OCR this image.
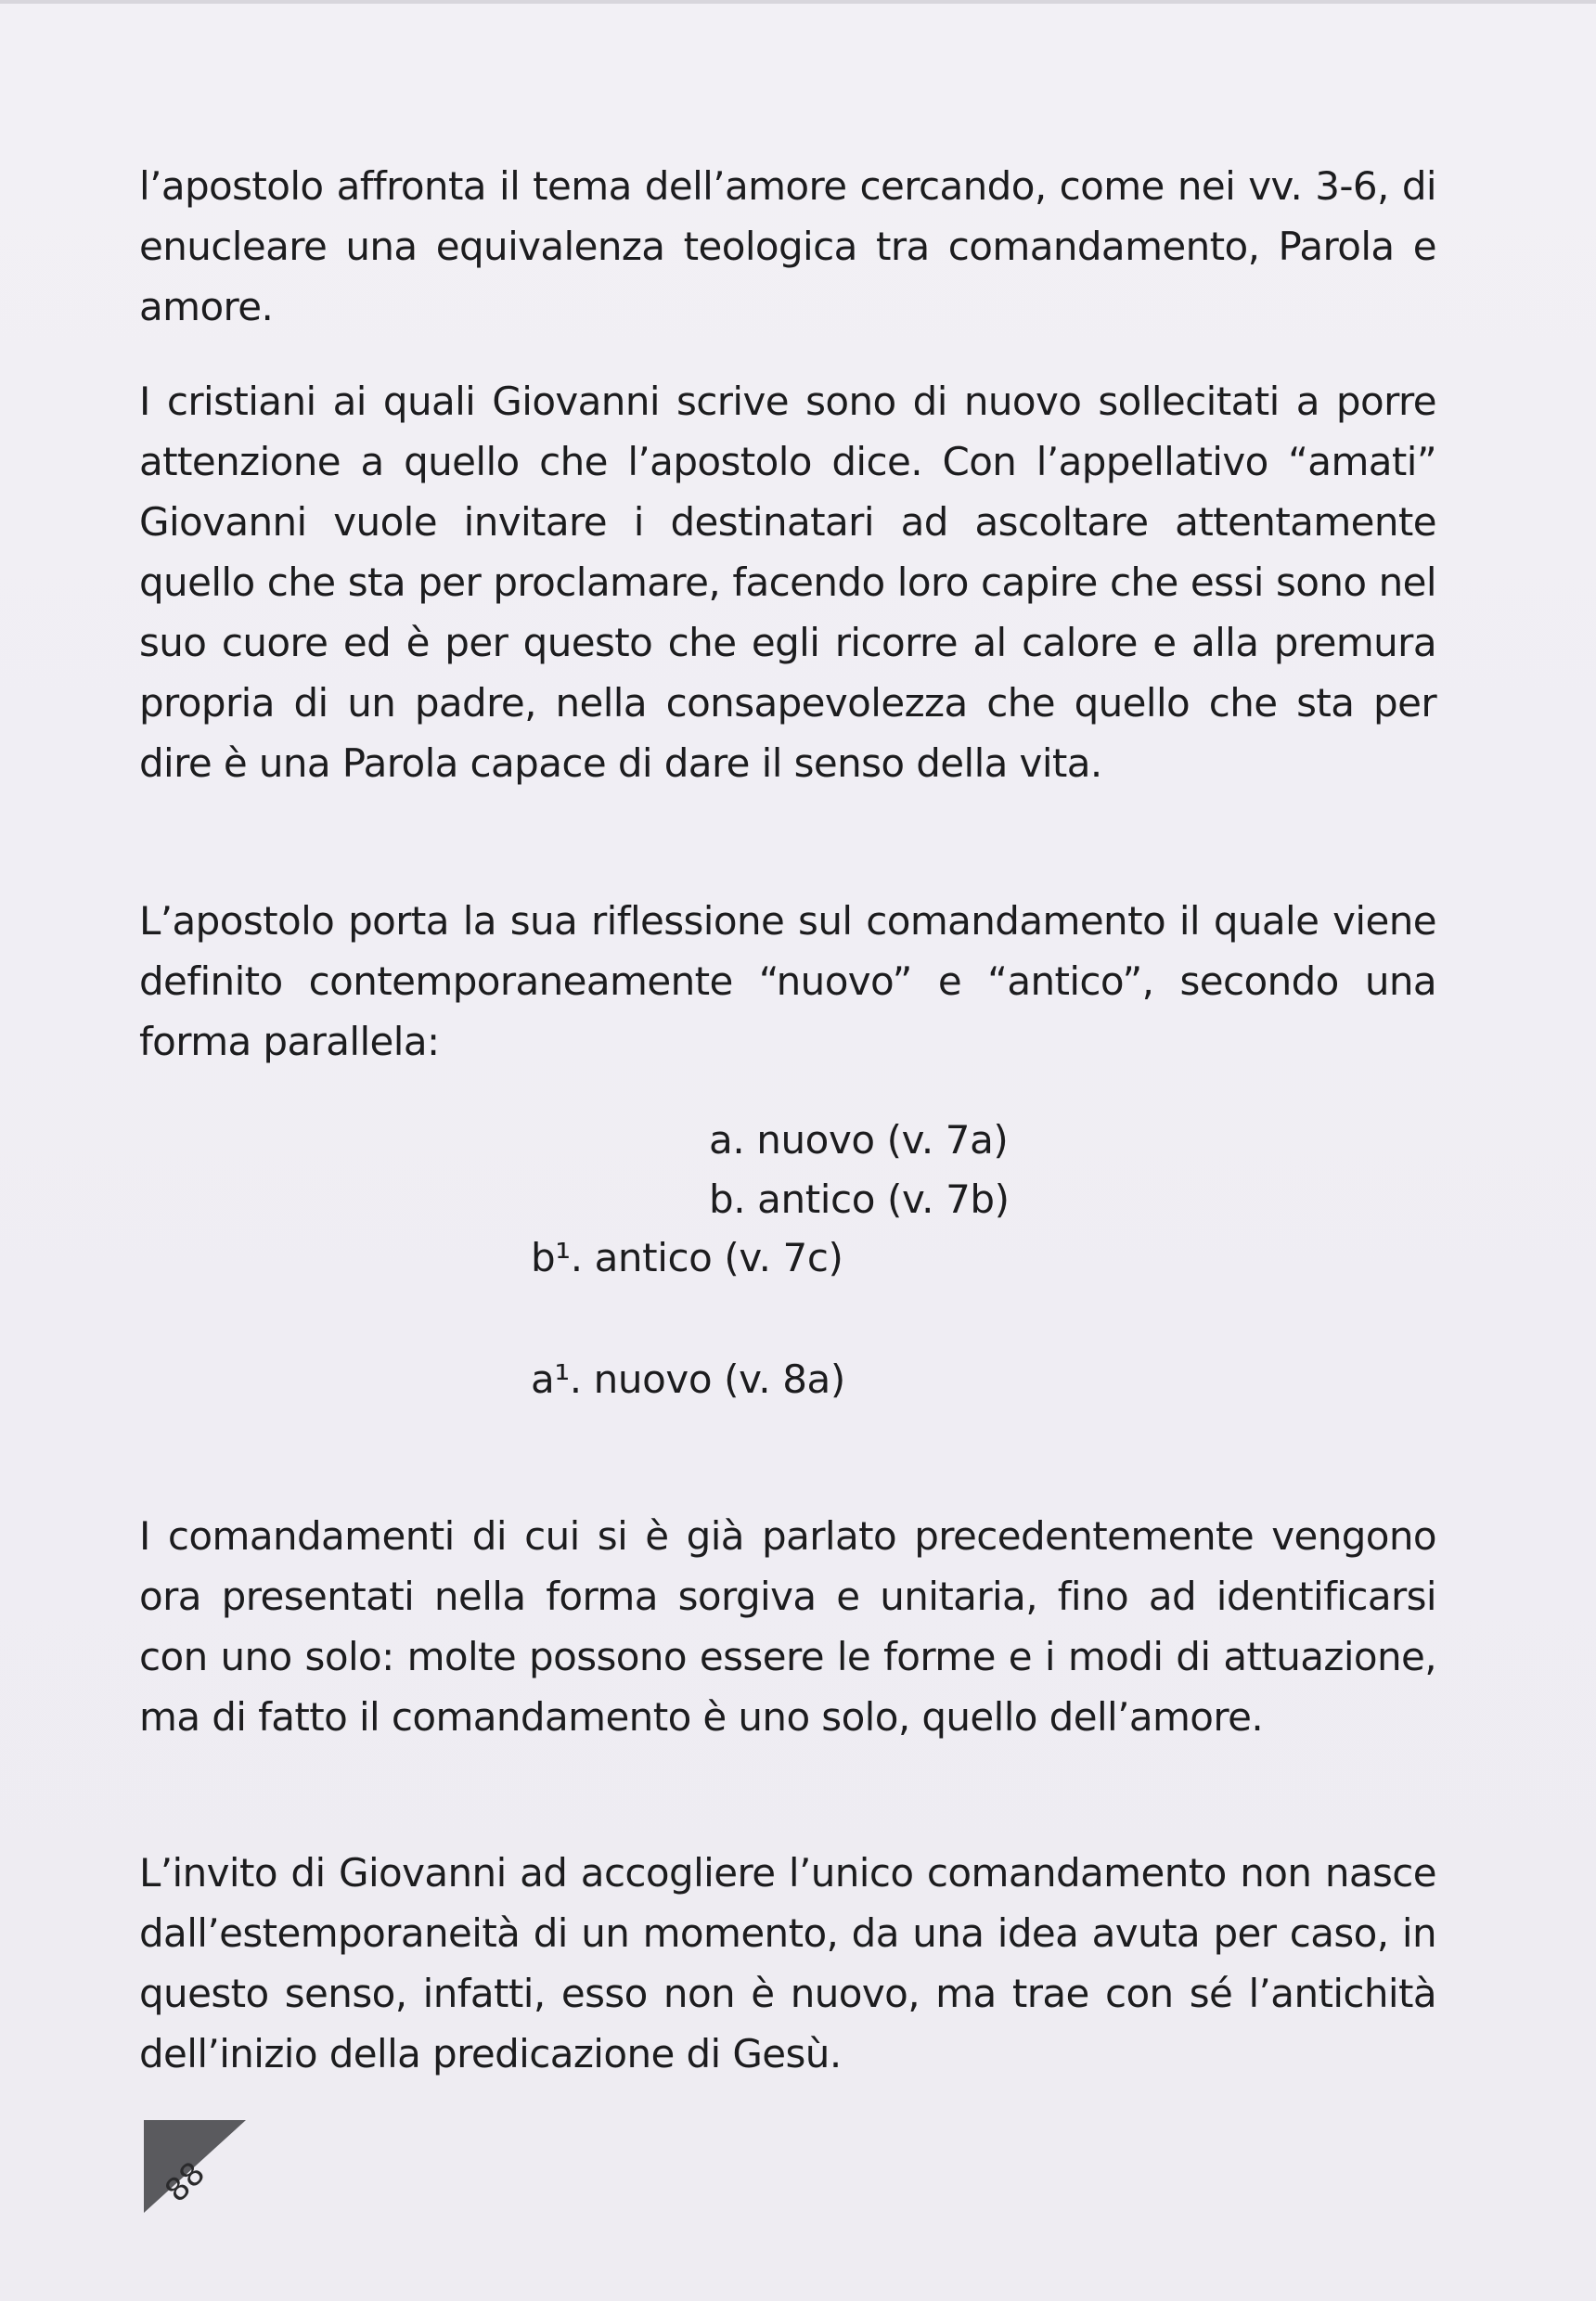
l’apostolo affronta il tema dell’amore cercando, come nei vv. 3-6, di enucleare una equivalenza teologica tra comandamento, Parola e amore.

I cristiani ai quali Giovanni scrive sono di nuovo sollecitati a porre attenzione a quello che l’apostolo dice. Con l’appellativo “amati” Giovanni vuole invitare i destinatari ad ascoltare attentamente quello che sta per proclamare, facendo loro capire che essi sono nel suo cuore ed è per questo che egli ricorre al calore e alla premura propria di un padre, nella consapevolezza che quello che sta per dire è una Parola capace di dare il senso della vita.

L’apostolo porta la sua riflessione sul comandamento il quale viene definito contemporaneamente “nuovo” e “antico”, secondo una forma parallela:

a. nuovo (v. 7a)
b. antico (v. 7b)
b¹. antico (v. 7c)
a¹. nuovo (v. 8a)

I comandamenti di cui si è già parlato precedentemente vengono ora presentati nella forma sorgiva e unitaria, fino ad identificarsi con uno solo: molte possono essere le forme e i modi di attuazione, ma di fatto il comandamento è uno solo, quello dell’amore.

L’invito di Giovanni ad accogliere l’unico comandamento non nasce dall’estemporaneità di un momento, da una idea avuta per caso, in questo senso, infatti, esso non è nuovo, ma trae con sé l’antichità dell’inizio della predicazione di Gesù.

88
